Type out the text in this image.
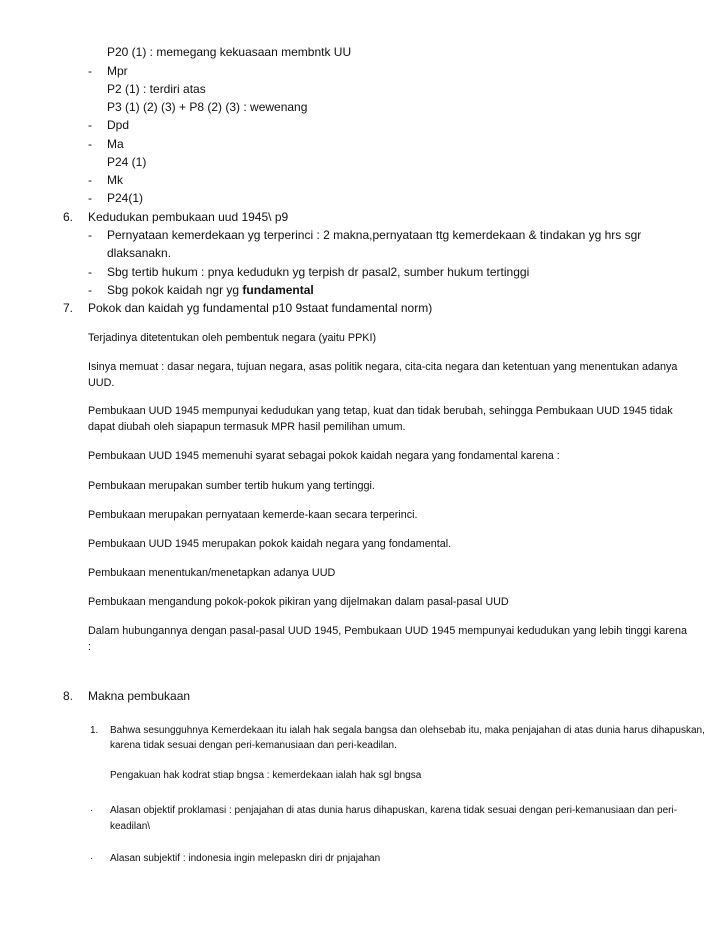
P20 (1) : memegang kekuasaan membntk UU
- Mpr
P2 (1) : terdiri atas
P3 (1) (2) (3) + P8 (2) (3) : wewenang
- Dpd
- Ma
P24 (1)
- Mk
- P24(1)
6. Kedudukan pembukaan uud 1945\ p9
- Pernyataan kemerdekaan yg terperinci : 2 makna,pernyataan ttg kemerdekaan & tindakan yg hrs sgr
dlaksanakn.
- Sbg tertib hukum : pnya kedudukn yg terpish dr pasal2, sumber hukum tertinggi
- Sbg pokok kaidah ngr yg fundamental
7. Pokok dan kaidah yg fundamental p10 9staat fundamental norm)
Terjadinya ditetentukan oleh pembentuk negara (yaitu PPKI)
Isinya memuat : dasar negara, tujuan negara, asas politik negara, cita-cita negara dan ketentuan yang menentukan adanya
UUD.
Pembukaan UUD 1945 mempunyai kedudukan yang tetap, kuat dan tidak berubah, sehingga Pembukaan UUD 1945 tidak
dapat diubah oleh siapapun termasuk MPR hasil pemilihan umum.
Pembukaan UUD 1945 memenuhi syarat sebagai pokok kaidah negara yang fondamental karena :
Pembukaan merupakan sumber tertib hukum yang tertinggi.
Pembukaan merupakan pernyataan kemerde-kaan secara terperinci.
Pembukaan UUD 1945 merupakan pokok kaidah negara yang fondamental.
Pembukaan menentukan/menetapkan adanya UUD
Pembukaan mengandung pokok-pokok pikiran yang dijelmakan dalam pasal-pasal UUD
Dalam hubungannya dengan pasal-pasal UUD 1945, Pembukaan UUD 1945 mempunyai kedudukan yang lebih tinggi karena
:
8. Makna pembukaan
1. Bahwa sesungguhnya Kemerdekaan itu ialah hak segala bangsa dan olehsebab itu, maka penjajahan di atas dunia harus dihapuskan,
karena tidak sesuai dengan peri-kemanusiaan dan peri-keadilan.
Pengakuan hak kodrat stiap bngsa : kemerdekaan ialah hak sgl bngsa
· Alasan objektif proklamasi : penjajahan di atas dunia harus dihapuskan, karena tidak sesuai dengan peri-kemanusiaan dan peri-
keadilan\
· Alasan subjektif : indonesia ingin melepaskn diri dr pnjajahan
